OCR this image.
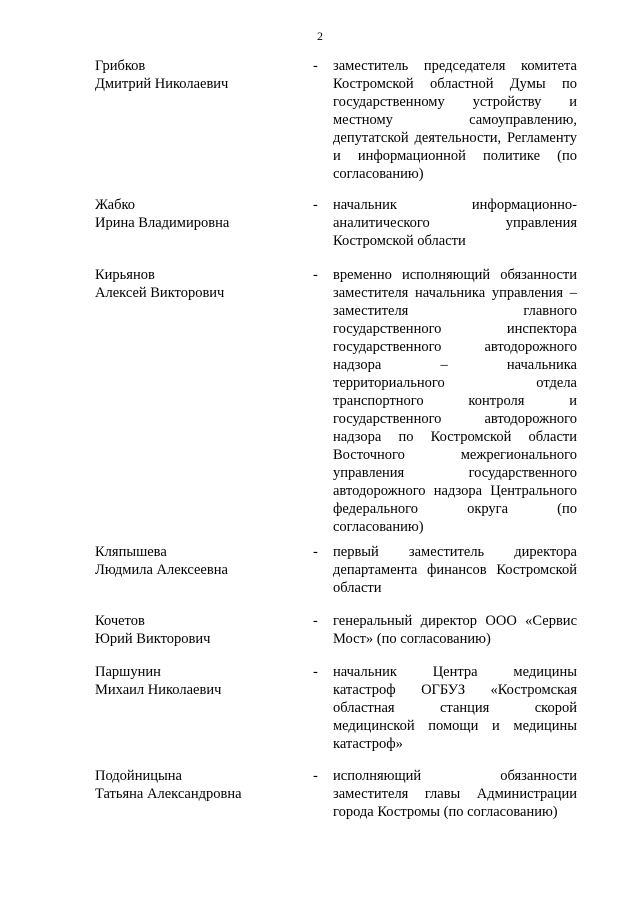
2
Грибков
Дмитрий Николаевич
- заместитель председателя комитета Костромской областной Думы по государственному устройству и местному самоуправлению, депутатской деятельности, Регламенту и информационной политике (по согласованию)
Жабко
Ирина Владимировна
- начальник информационно-аналитического управления Костромской области
Кирьянов
Алексей Викторович
- временно исполняющий обязанности заместителя начальника управления – заместителя главного государственного инспектора государственного автодорожного надзора – начальника территориального отдела транспортного контроля и государственного автодорожного надзора по Костромской области Восточного межрегионального управления государственного автодорожного надзора Центрального федерального округа (по согласованию)
Кляпышева
Людмила Алексеевна
- первый заместитель директора департамента финансов Костромской области
Кочетов
Юрий Викторович
- генеральный директор ООО «Сервис Мост» (по согласованию)
Паршунин
Михаил Николаевич
- начальник Центра медицины катастроф ОГБУЗ «Костромская областная станция скорой медицинской помощи и медицины катастроф»
Подойницына
Татьяна Александровна
- исполняющий обязанности заместителя главы Администрации города Костромы (по согласованию)
